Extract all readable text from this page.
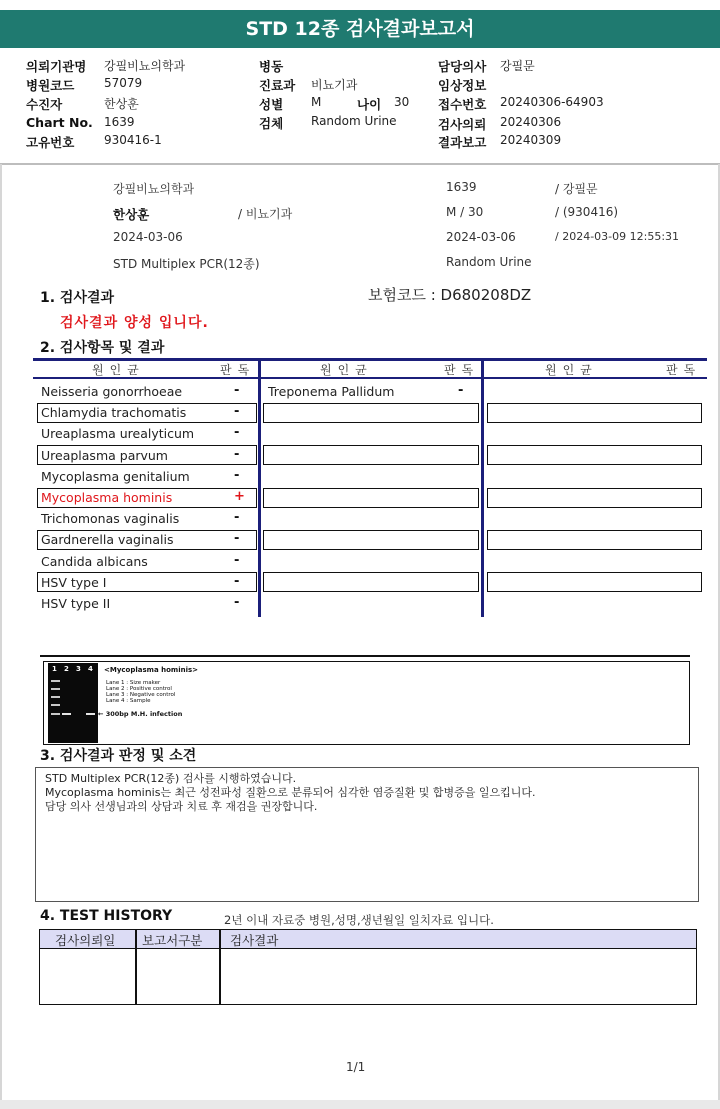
STD 12종 검사결과보고서
의뢰기관명 강필비뇨의학과
병원코드 57079
수진자	한상훈
Chart No. 1639
고유번호 930416-1
병동
진료과 비뇨기과
성별 M	나이 30
검체 Random Urine
담당의사 강필문
임상정보
접수번호 20240306-64903
검사의뢰 20240306
결과보고 20240309
강필비뇨의학과	1639	/ 강필문
한상훈	/ 비뇨기과	M / 30	/ (930416)
2024-03-06	2024-03-06	/ 2024-03-09 12:55:31
STD Multiplex PCR(12종)	Random Urine
1. 검사결과	보험코드 : D680208DZ
검사결과 양성 입니다.
2. 검사항목 및 결과
원인균	판독	원인균	판독	원인균	판독
Neisseria gonorrhoeae	-
Chlamydia trachomatis	-
Ureaplasma urealyticum	-
Ureaplasma parvum	-
Mycoplasma genitalium	-
Mycoplasma hominis	+
Trichomonas vaginalis	-
Gardnerella vaginalis	-
Candida albicans	-
HSV type I	-
HSV type II	-
Treponema Pallidum	-
1 2 3 4 <Mycoplasma hominis>
Lane 1 : Size maker
Lane 2 : Positive control
Lane 3 : Negative control
Lane 4 : Sample
← 300bp M.H. infection
3. 검사결과 판정 및 소견
STD Multiplex PCR(12종) 검사를 시행하였습니다.
Mycoplasma hominis는 최근 성전파성 질환으로 분류되어 심각한 염증질환 및 합병증을 일으킵니다.
담당 의사 선생님과의 상담과 치료 후 재검을 권장합니다.
4. TEST HISTORY	2년 이내 자료중 병원,성명,생년월일 일치자료 입니다.
검사의뢰일 보고서구분 검사결과
1/1
